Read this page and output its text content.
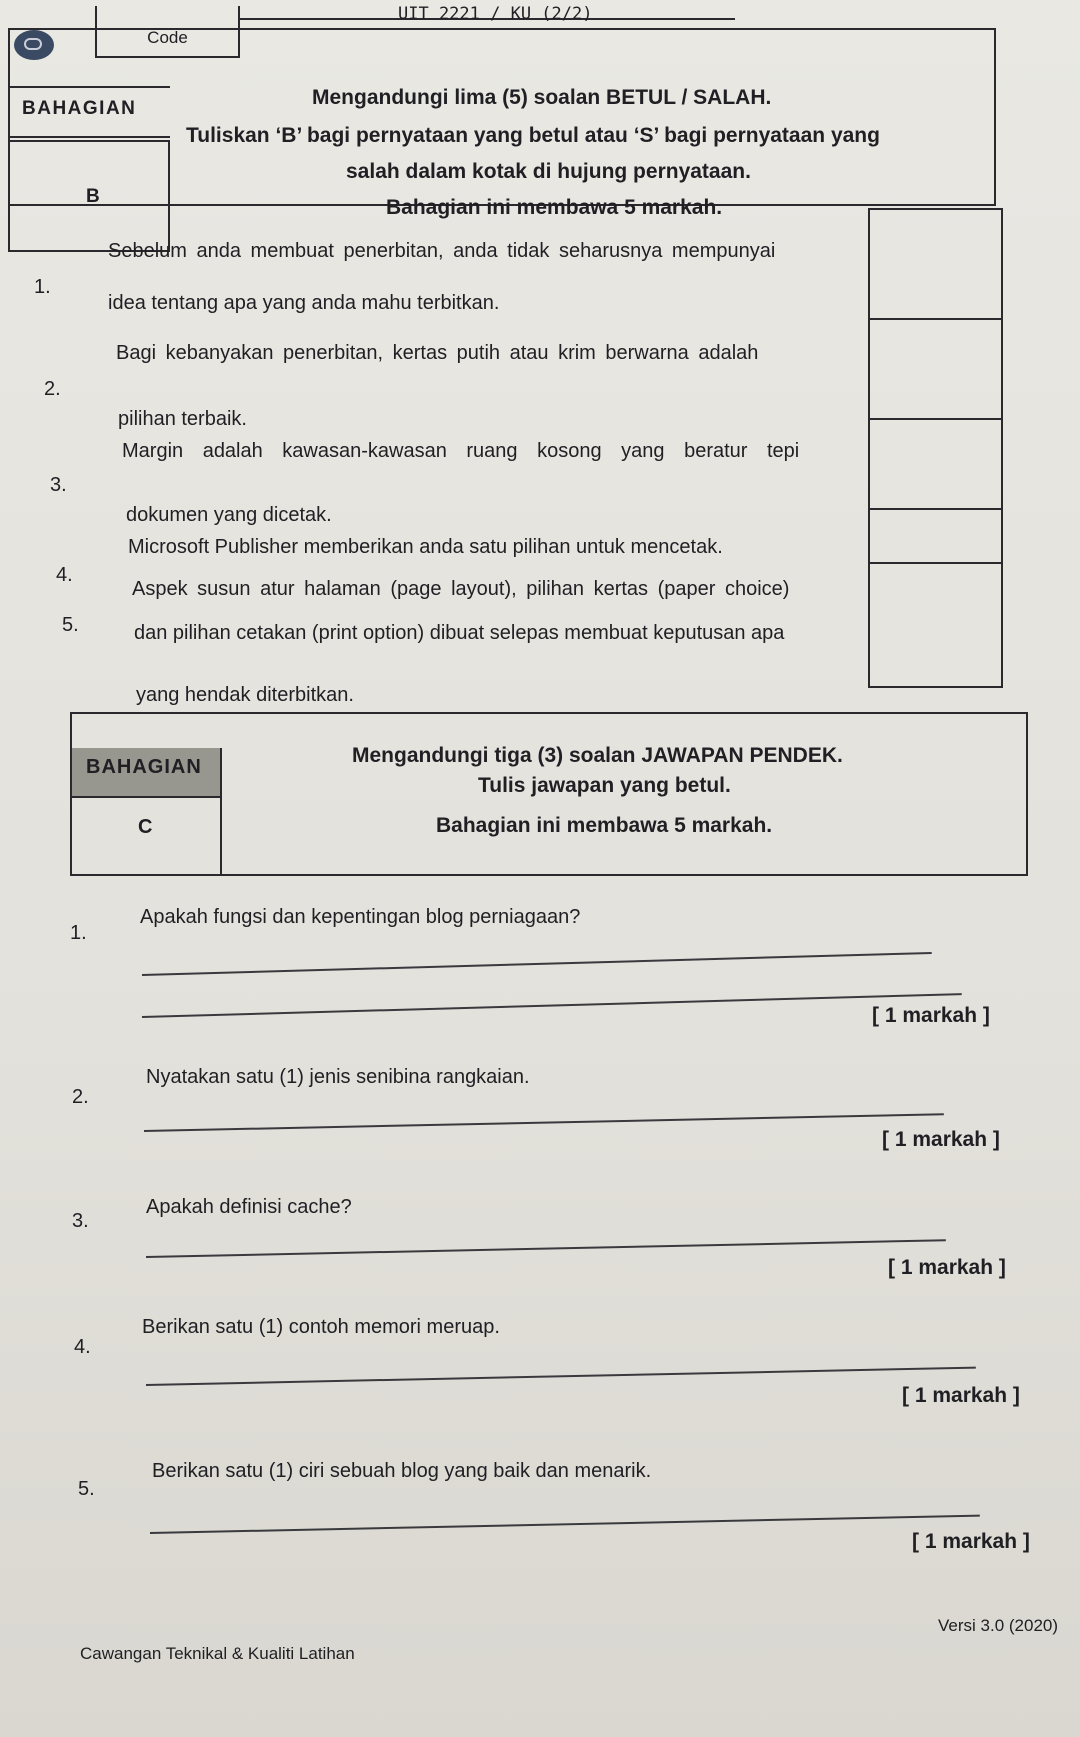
Code
UIT 2221 / KU (2/2)
BAHAGIAN
B
Mengandungi lima (5) soalan BETUL / SALAH.
Tuliskan ‘B’ bagi pernyataan yang betul atau ‘S’ bagi pernyataan yang
salah dalam kotak di hujung pernyataan.
Bahagian ini membawa 5 markah.
1.
Sebelum anda membuat penerbitan, anda tidak seharusnya mempunyai
idea tentang apa yang anda mahu terbitkan.
2.
Bagi kebanyakan penerbitan, kertas putih atau krim berwarna adalah
pilihan terbaik.
3.
Margin adalah kawasan-kawasan ruang kosong yang beratur tepi
dokumen yang dicetak.
4.
Microsoft Publisher memberikan anda satu pilihan untuk mencetak.
5.
Aspek susun atur halaman (page layout), pilihan kertas (paper choice)
dan pilihan cetakan (print option) dibuat selepas membuat keputusan apa
yang hendak diterbitkan.
BAHAGIAN
C
Mengandungi tiga (3) soalan JAWAPAN PENDEK.
Tulis jawapan yang betul.
Bahagian ini membawa 5 markah.
1.
Apakah fungsi dan kepentingan blog perniagaan?
[ 1 markah ]
2.
Nyatakan satu (1) jenis senibina rangkaian.
[ 1 markah ]
3.
Apakah definisi cache?
[ 1 markah ]
4.
Berikan satu (1) contoh memori meruap.
[ 1 markah ]
5.
Berikan satu (1) ciri sebuah blog yang baik dan menarik.
[ 1 markah ]
Cawangan Teknikal & Kualiti Latihan
Versi 3.0 (2020)
